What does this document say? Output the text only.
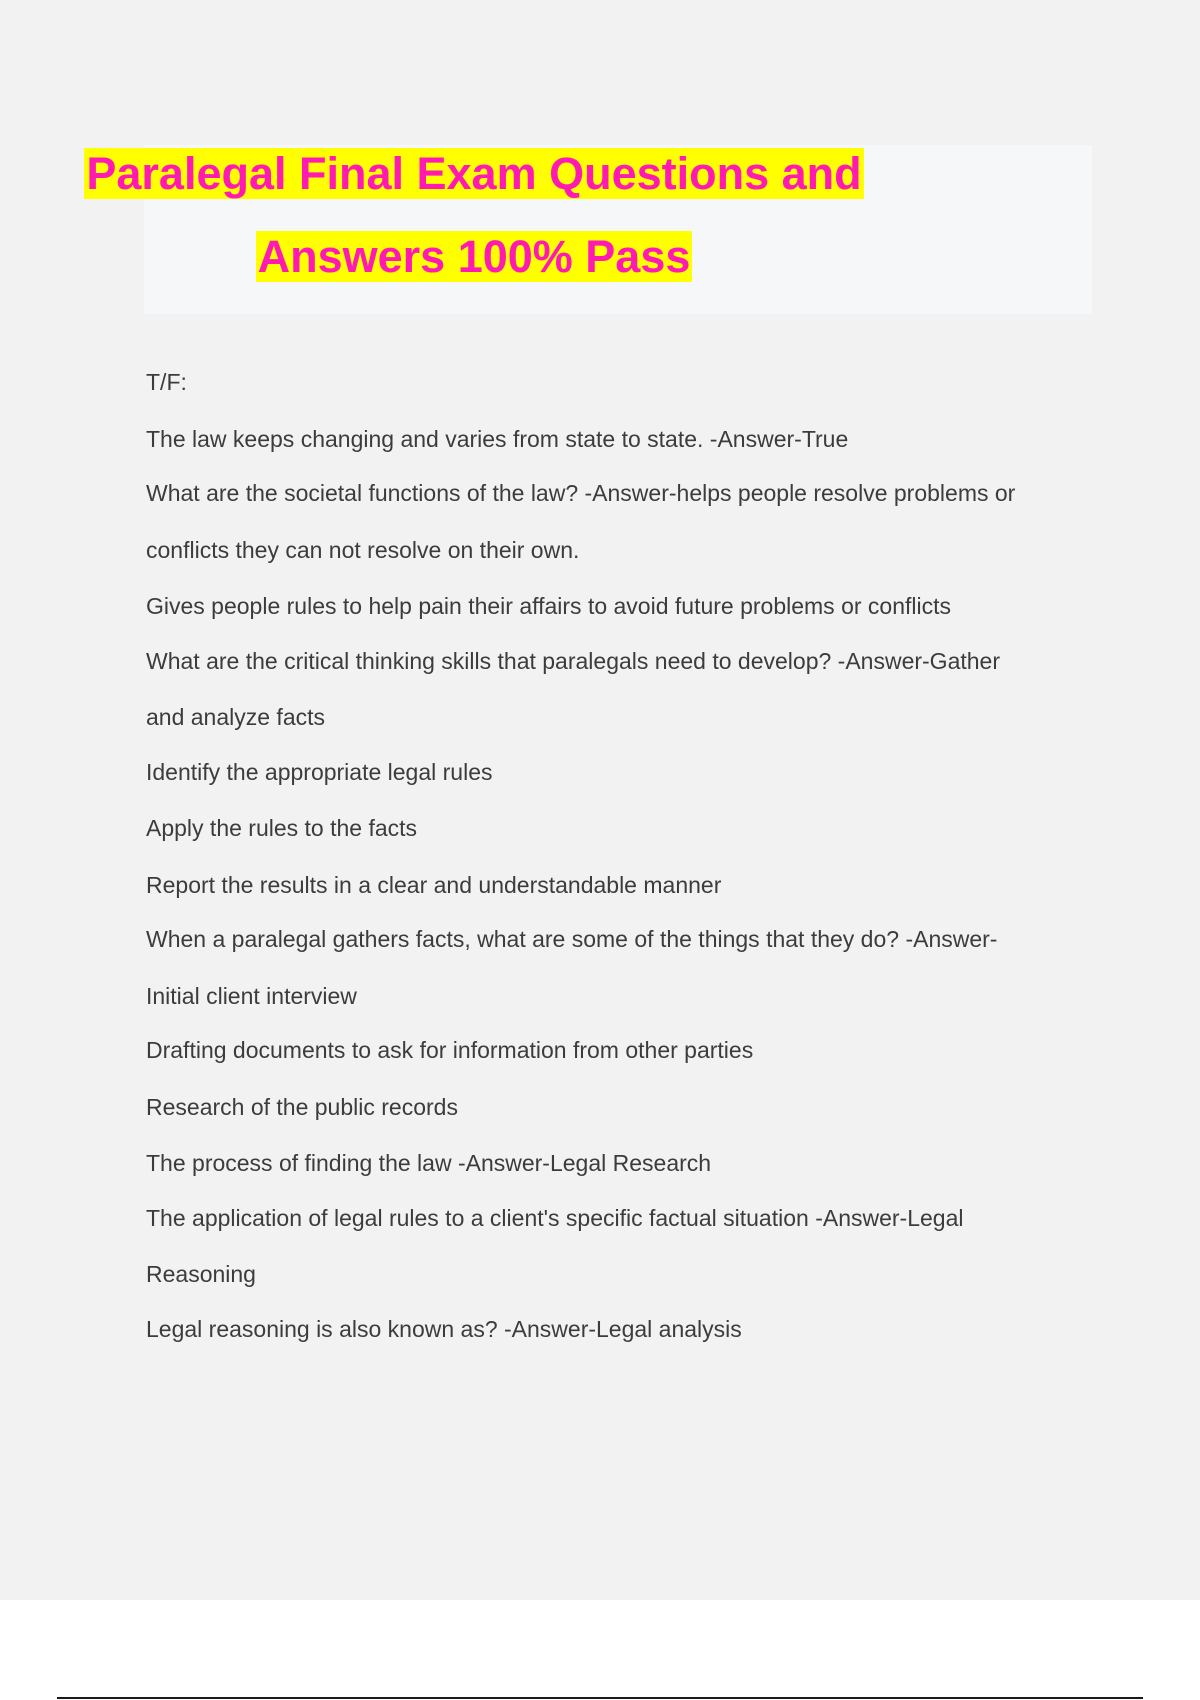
Paralegal Final Exam Questions and
Answers 100% Pass
T/F:
The law keeps changing and varies from state to state. -Answer-True
What are the societal functions of the law? -Answer-helps people resolve problems or
conflicts they can not resolve on their own.
Gives people rules to help pain their affairs to avoid future problems or conflicts
What are the critical thinking skills that paralegals need to develop? -Answer-Gather
and analyze facts
Identify the appropriate legal rules
Apply the rules to the facts
Report the results in a clear and understandable manner
When a paralegal gathers facts, what are some of the things that they do? -Answer-
Initial client interview
Drafting documents to ask for information from other parties
Research of the public records
The process of finding the law -Answer-Legal Research
The application of legal rules to a client's specific factual situation -Answer-Legal
Reasoning
Legal reasoning is also known as? -Answer-Legal analysis
